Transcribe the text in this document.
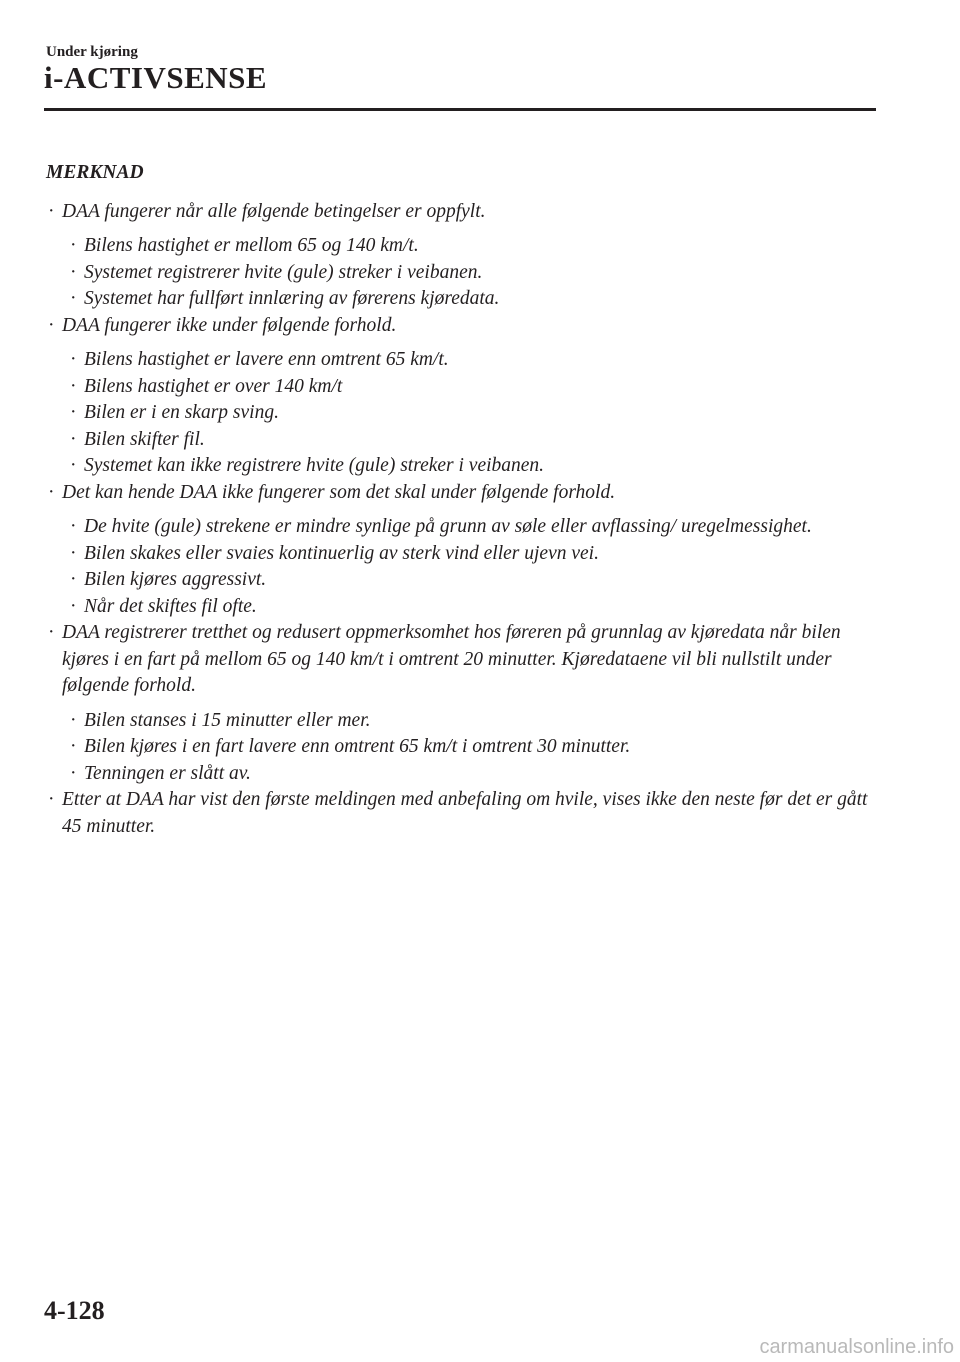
Under kjøring
i-ACTIVSENSE
MERKNAD
· DAA fungerer når alle følgende betingelser er oppfylt.
· Bilens hastighet er mellom 65 og 140 km/t.
· Systemet registrerer hvite (gule) streker i veibanen.
· Systemet har fullført innlæring av førerens kjøredata.
· DAA fungerer ikke under følgende forhold.
· Bilens hastighet er lavere enn omtrent 65 km/t.
· Bilens hastighet er over 140 km/t
· Bilen er i en skarp sving.
· Bilen skifter fil.
· Systemet kan ikke registrere hvite (gule) streker i veibanen.
· Det kan hende DAA ikke fungerer som det skal under følgende forhold.
· De hvite (gule) strekene er mindre synlige på grunn av søle eller avflassing/ uregelmessighet.
· Bilen skakes eller svaies kontinuerlig av sterk vind eller ujevn vei.
· Bilen kjøres aggressivt.
· Når det skiftes fil ofte.
· DAA registrerer tretthet og redusert oppmerksomhet hos føreren på grunnlag av kjøredata når bilen kjøres i en fart på mellom 65 og 140 km/t i omtrent 20 minutter. Kjøredataene vil bli nullstilt under følgende forhold.
· Bilen stanses i 15 minutter eller mer.
· Bilen kjøres i en fart lavere enn omtrent 65 km/t i omtrent 30 minutter.
· Tenningen er slått av.
· Etter at DAA har vist den første meldingen med anbefaling om hvile, vises ikke den neste før det er gått 45 minutter.
4-128
carmanualsonline.info
